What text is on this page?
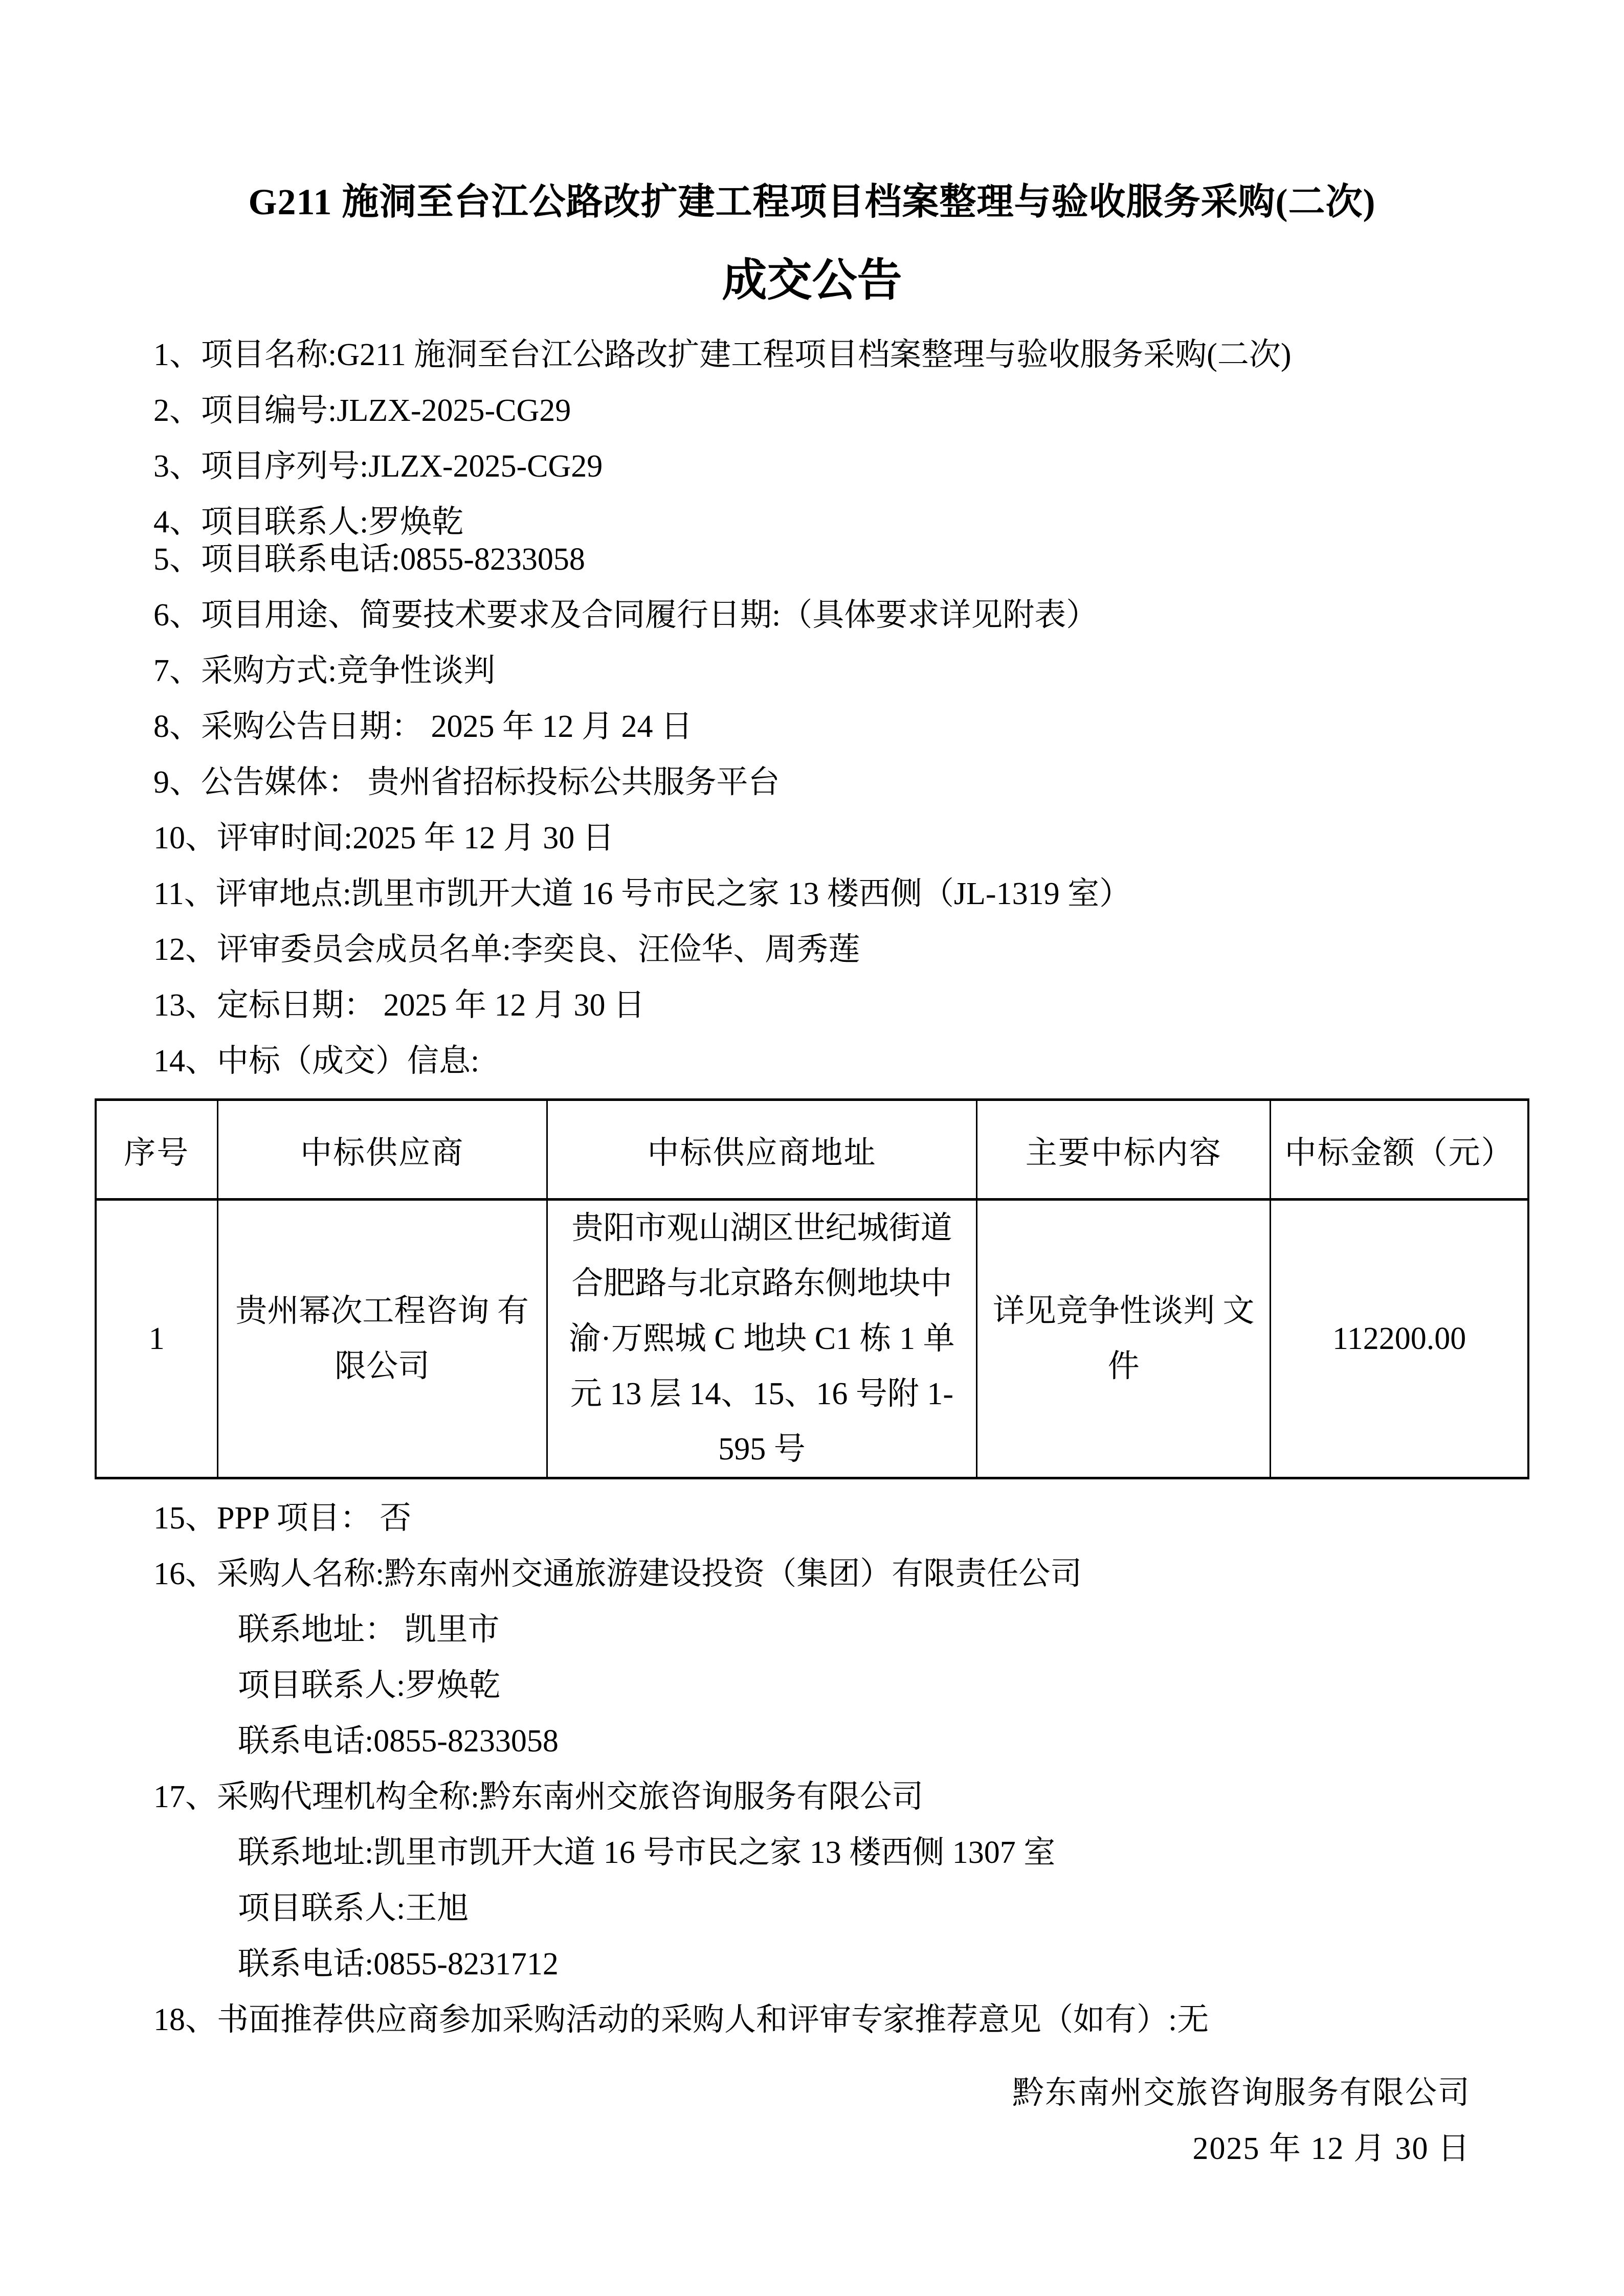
G211 施洞至台江公路改扩建工程项目档案整理与验收服务采购(二次)
成交公告

1、项目名称:G211 施洞至台江公路改扩建工程项目档案整理与验收服务采购(二次)

2、项目编号:JLZX-2025-CG29

3、项目序列号:JLZX-2025-CG29

4、项目联系人:罗焕乾

5、项目联系电话:0855-8233058

6、项目用途、简要技术要求及合同履行日期:（具体要求详见附表）

7、采购方式:竞争性谈判

8、采购公告日期： 2025 年 12 月 24 日

9、公告媒体： 贵州省招标投标公共服务平台

10、评审时间:2025 年 12 月 30 日

11、评审地点:凯里市凯开大道 16 号市民之家 13 楼西侧（JL-1319 室）

12、评审委员会成员名单:李奕良、汪俭华、周秀莲

13、定标日期： 2025 年 12 月 30 日

14、中标（成交）信息:

序号	中标供应商	中标供应商地址	主要中标内容	中标金额（元）
1	贵州幂次工程咨询 有限公司	贵阳市观山湖区世纪城街道 合肥路与北京路东侧地块中 渝·万熙城 C 地块 C1 栋 1 单 元 13 层 14、15、16 号附 1- 595 号	详见竞争性谈判 文件	112200.00

15、PPP 项目： 否

16、采购人名称:黔东南州交通旅游建设投资（集团）有限责任公司

联系地址： 凯里市

项目联系人:罗焕乾

联系电话:0855-8233058

17、采购代理机构全称:黔东南州交旅咨询服务有限公司

联系地址:凯里市凯开大道 16 号市民之家 13 楼西侧 1307 室

项目联系人:王旭

联系电话:0855-8231712

18、书面推荐供应商参加采购活动的采购人和评审专家推荐意见（如有）:无

黔东南州交旅咨询服务有限公司
2025 年 12 月 30 日
